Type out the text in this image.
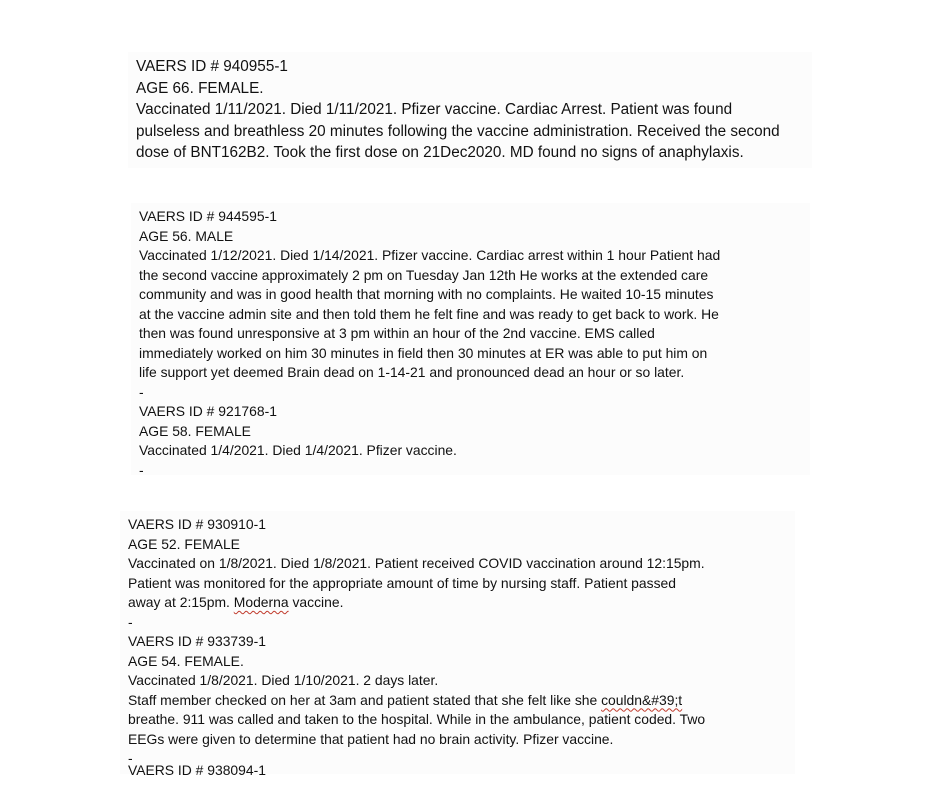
VAERS ID # 940955-1
AGE 66. FEMALE.
Vaccinated 1/11/2021. Died 1/11/2021. Pfizer vaccine. Cardiac Arrest. Patient was found
pulseless and breathless 20 minutes following the vaccine administration. Received the second
dose of BNT162B2. Took the first dose on 21Dec2020. MD found no signs of anaphylaxis.
VAERS ID # 944595-1
AGE 56. MALE
Vaccinated 1/12/2021. Died 1/14/2021. Pfizer vaccine. Cardiac arrest within 1 hour Patient had
the second vaccine approximately 2 pm on Tuesday Jan 12th He works at the extended care
community and was in good health that morning with no complaints. He waited 10-15 minutes
at the vaccine admin site and then told them he felt fine and was ready to get back to work. He
then was found unresponsive at 3 pm within an hour of the 2nd vaccine. EMS called
immediately worked on him 30 minutes in field then 30 minutes at ER was able to put him on
life support yet deemed Brain dead on 1-14-21 and pronounced dead an hour or so later.
-
VAERS ID # 921768-1
AGE 58. FEMALE
Vaccinated 1/4/2021. Died 1/4/2021. Pfizer vaccine.
-
VAERS ID # 930910-1
AGE 52. FEMALE
Vaccinated on 1/8/2021. Died 1/8/2021. Patient received COVID vaccination around 12:15pm.
Patient was monitored for the appropriate amount of time by nursing staff. Patient passed
away at 2:15pm. Moderna vaccine.
-
VAERS ID # 933739-1
AGE 54. FEMALE.
Vaccinated 1/8/2021. Died 1/10/2021. 2 days later.
Staff member checked on her at 3am and patient stated that she felt like she couldn&#39;t
breathe. 911 was called and taken to the hospital. While in the ambulance, patient coded. Two
EEGs were given to determine that patient had no brain activity. Pfizer vaccine.
-
VAERS ID # 938094-1
